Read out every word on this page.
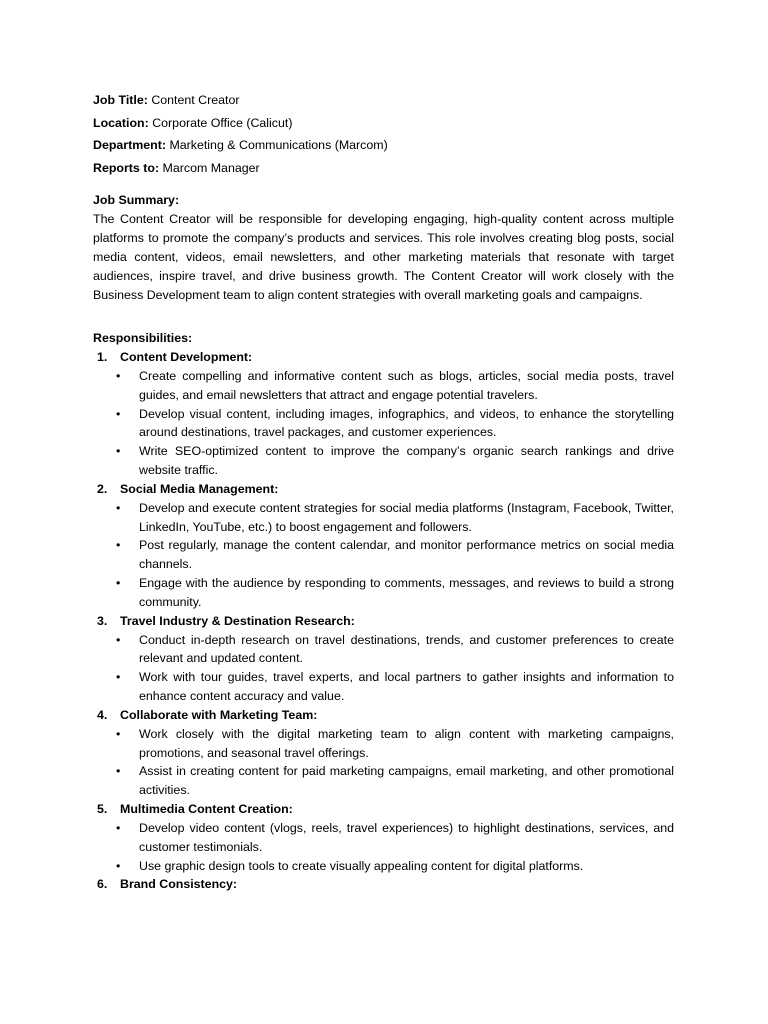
Job Title: Content Creator
Location: Corporate Office (Calicut)
Department: Marketing & Communications (Marcom)
Reports to: Marcom Manager
Job Summary:

The Content Creator will be responsible for developing engaging, high-quality content across multiple platforms to promote the company’s products and services. This role involves creating blog posts, social media content, videos, email newsletters, and other marketing materials that resonate with target audiences, inspire travel, and drive business growth. The Content Creator will work closely with the Business Development team to align content strategies with overall marketing goals and campaigns.

Responsibilities:
1. Content Development:
• Create compelling and informative content such as blogs, articles, social media posts, travel guides, and email newsletters that attract and engage potential travelers.
• Develop visual content, including images, infographics, and videos, to enhance the storytelling around destinations, travel packages, and customer experiences.
• Write SEO-optimized content to improve the company’s organic search rankings and drive website traffic.
2. Social Media Management:
• Develop and execute content strategies for social media platforms (Instagram, Facebook, Twitter, LinkedIn, YouTube, etc.) to boost engagement and followers.
• Post regularly, manage the content calendar, and monitor performance metrics on social media channels.
• Engage with the audience by responding to comments, messages, and reviews to build a strong community.
3. Travel Industry & Destination Research:
• Conduct in-depth research on travel destinations, trends, and customer preferences to create relevant and updated content.
• Work with tour guides, travel experts, and local partners to gather insights and information to enhance content accuracy and value.
4. Collaborate with Marketing Team:
• Work closely with the digital marketing team to align content with marketing campaigns, promotions, and seasonal travel offerings.
• Assist in creating content for paid marketing campaigns, email marketing, and other promotional activities.
5. Multimedia Content Creation:
• Develop video content (vlogs, reels, travel experiences) to highlight destinations, services, and customer testimonials.
• Use graphic design tools to create visually appealing content for digital platforms.
6. Brand Consistency:
